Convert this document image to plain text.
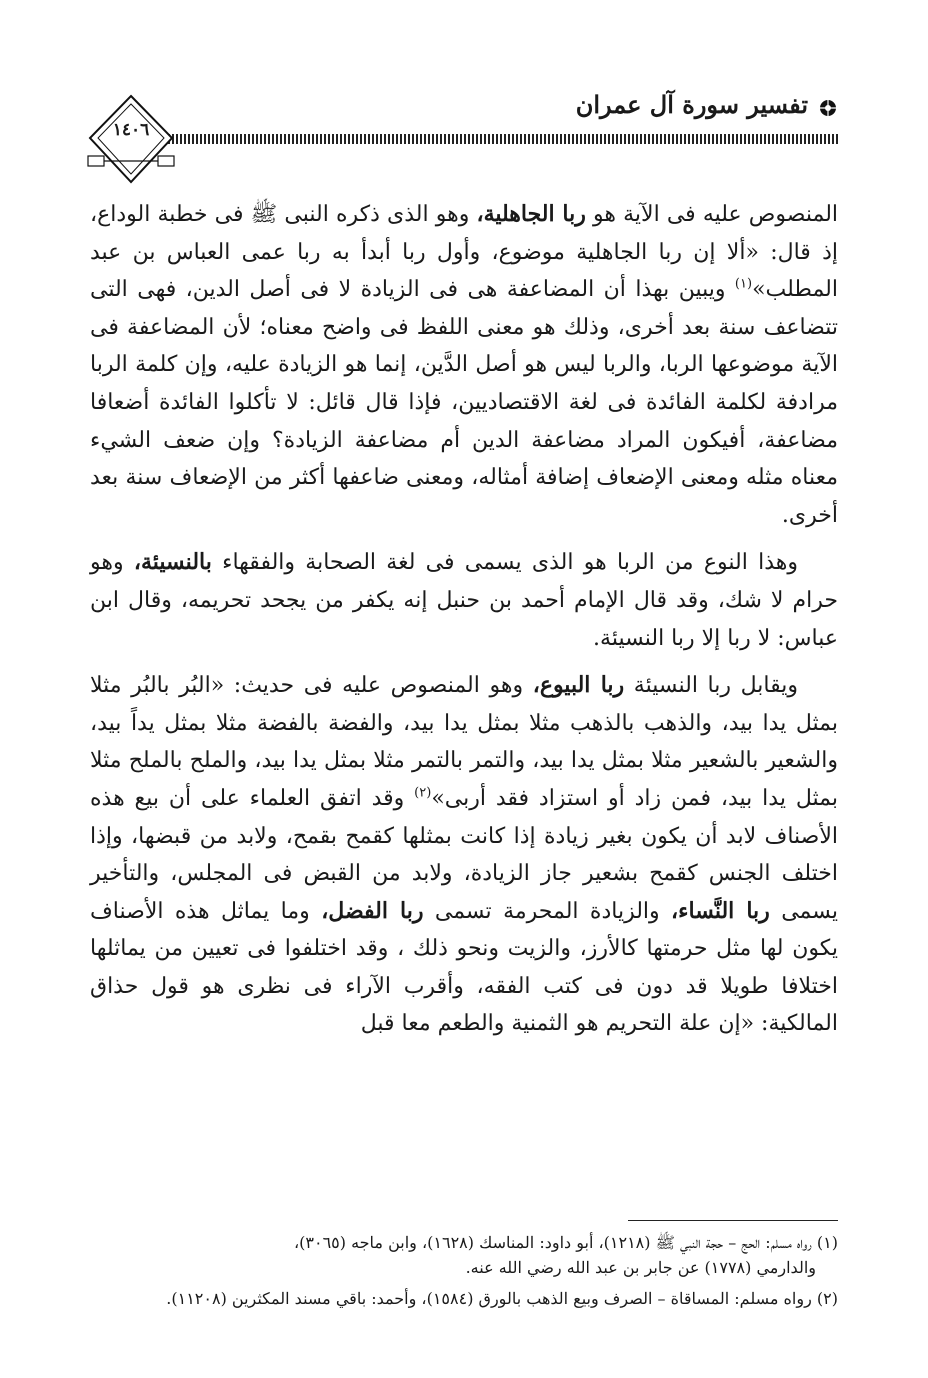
تفسير سورة آل عمران
١٤٠٦

المنصوص عليه فى الآية هو ربا الجاهلية، وهو الذى ذكره النبى ﷺ فى خطبة الوداع، إذ قال: «ألا إن ربا الجاهلية موضوع، وأول ربا أبدأ به ربا عمى العباس بن عبد المطلب»$^{(١)}$ ويبين بهذا أن المضاعفة هى فى الزيادة لا فى أصل الدين، فهى التى تتضاعف سنة بعد أخرى، وذلك هو معنى اللفظ فى واضح معناه؛ لأن المضاعفة فى الآية موضوعها الربا، والربا ليس هو أصل الدَّين، إنما هو الزيادة عليه، وإن كلمة الربا مرادفة لكلمة الفائدة فى لغة الاقتصاديين، فإذا قال قائل: لا تأكلوا الفائدة أضعافا مضاعفة، أفيكون المراد مضاعفة الدين أم مضاعفة الزيادة؟ وإن ضعف الشيء معناه مثله ومعنى الإضعاف إضافة أمثاله، ومعنى ضاعفها أكثر من الإضعاف سنة بعد أخرى.

وهذا النوع من الربا هو الذى يسمى فى لغة الصحابة والفقهاء بالنسيئة، وهو حرام لا شك، وقد قال الإمام أحمد بن حنبل إنه يكفر من يجحد تحريمه، وقال ابن عباس: لا ربا إلا ربا النسيئة.

ويقابل ربا النسيئة ربا البيوع، وهو المنصوص عليه فى حديث: «البُر بالبُر مثلا بمثل يدا بيد، والذهب بالذهب مثلا بمثل يدا بيد، والفضة بالفضة مثلا بمثل يداً بيد، والشعير بالشعير مثلا بمثل يدا بيد، والتمر بالتمر مثلا بمثل يدا بيد، والملح بالملح مثلا بمثل يدا بيد، فمن زاد أو استزاد فقد أربى»$^{(٢)}$ وقد اتفق العلماء على أن بيع هذه الأصناف لابد أن يكون بغير زيادة إذا كانت بمثلها كقمح بقمح، ولابد من قبضها، وإذا اختلف الجنس كقمح بشعير جاز الزيادة، ولابد من القبض فى المجلس، والتأخير يسمى ربا النَّساء، والزيادة المحرمة تسمى ربا الفضل، وما يماثل هذه الأصناف يكون لها مثل حرمتها كالأرز، والزيت ونحو ذلك ، وقد اختلفوا فى تعيين من يماثلها اختلافا طويلا قد دون فى كتب الفقه، وأقرب الآراء فى نظرى هو قول حذاق المالكية: «إن علة التحريم هو الثمنية والطعم معا قبل

(١) رواه مسلم: الحج – حجة النبي ﷺ (١٢١٨)، أبو داود: المناسك (١٦٢٨)، وابن ماجه (٣٠٦٥)،
والدارمي (١٧٧٨) عن جابر بن عبد الله رضي الله عنه.

(٢) رواه مسلم: المساقاة – الصرف وبيع الذهب بالورق (١٥٨٤)، وأحمد: باقي مسند المكثرين (١١٢٠٨).
